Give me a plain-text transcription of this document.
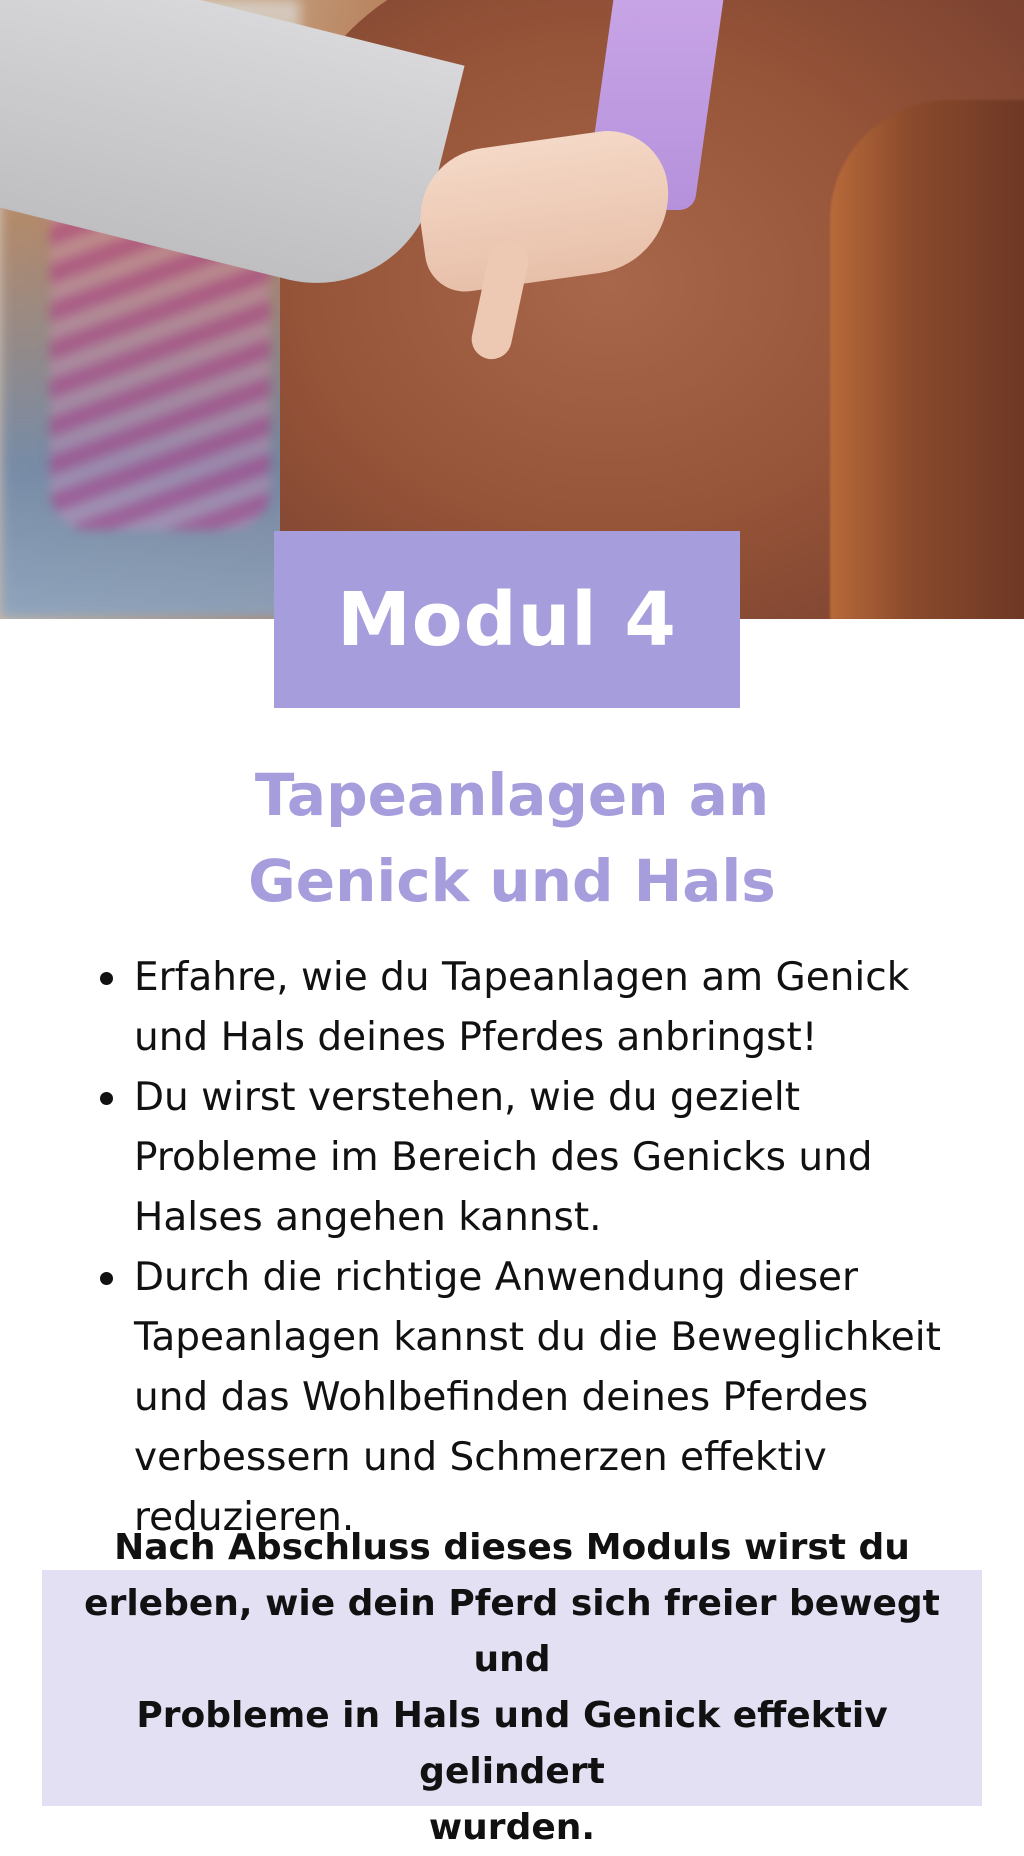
Modul 4
Tapeanlagen an
Genick und Hals
Erfahre, wie du Tapeanlagen am Genick
und Hals deines Pferdes anbringst!
Du wirst verstehen, wie du gezielt
Probleme im Bereich des Genicks und
Halses angehen kannst.
Durch die richtige Anwendung dieser
Tapeanlagen kannst du die Beweglichkeit
und das Wohlbefinden deines Pferdes
verbessern und Schmerzen effektiv
reduzieren.

Nach Abschluss dieses Moduls wirst du
erleben, wie dein Pferd sich freier bewegt und
Probleme in Hals und Genick effektiv gelindert
wurden.
